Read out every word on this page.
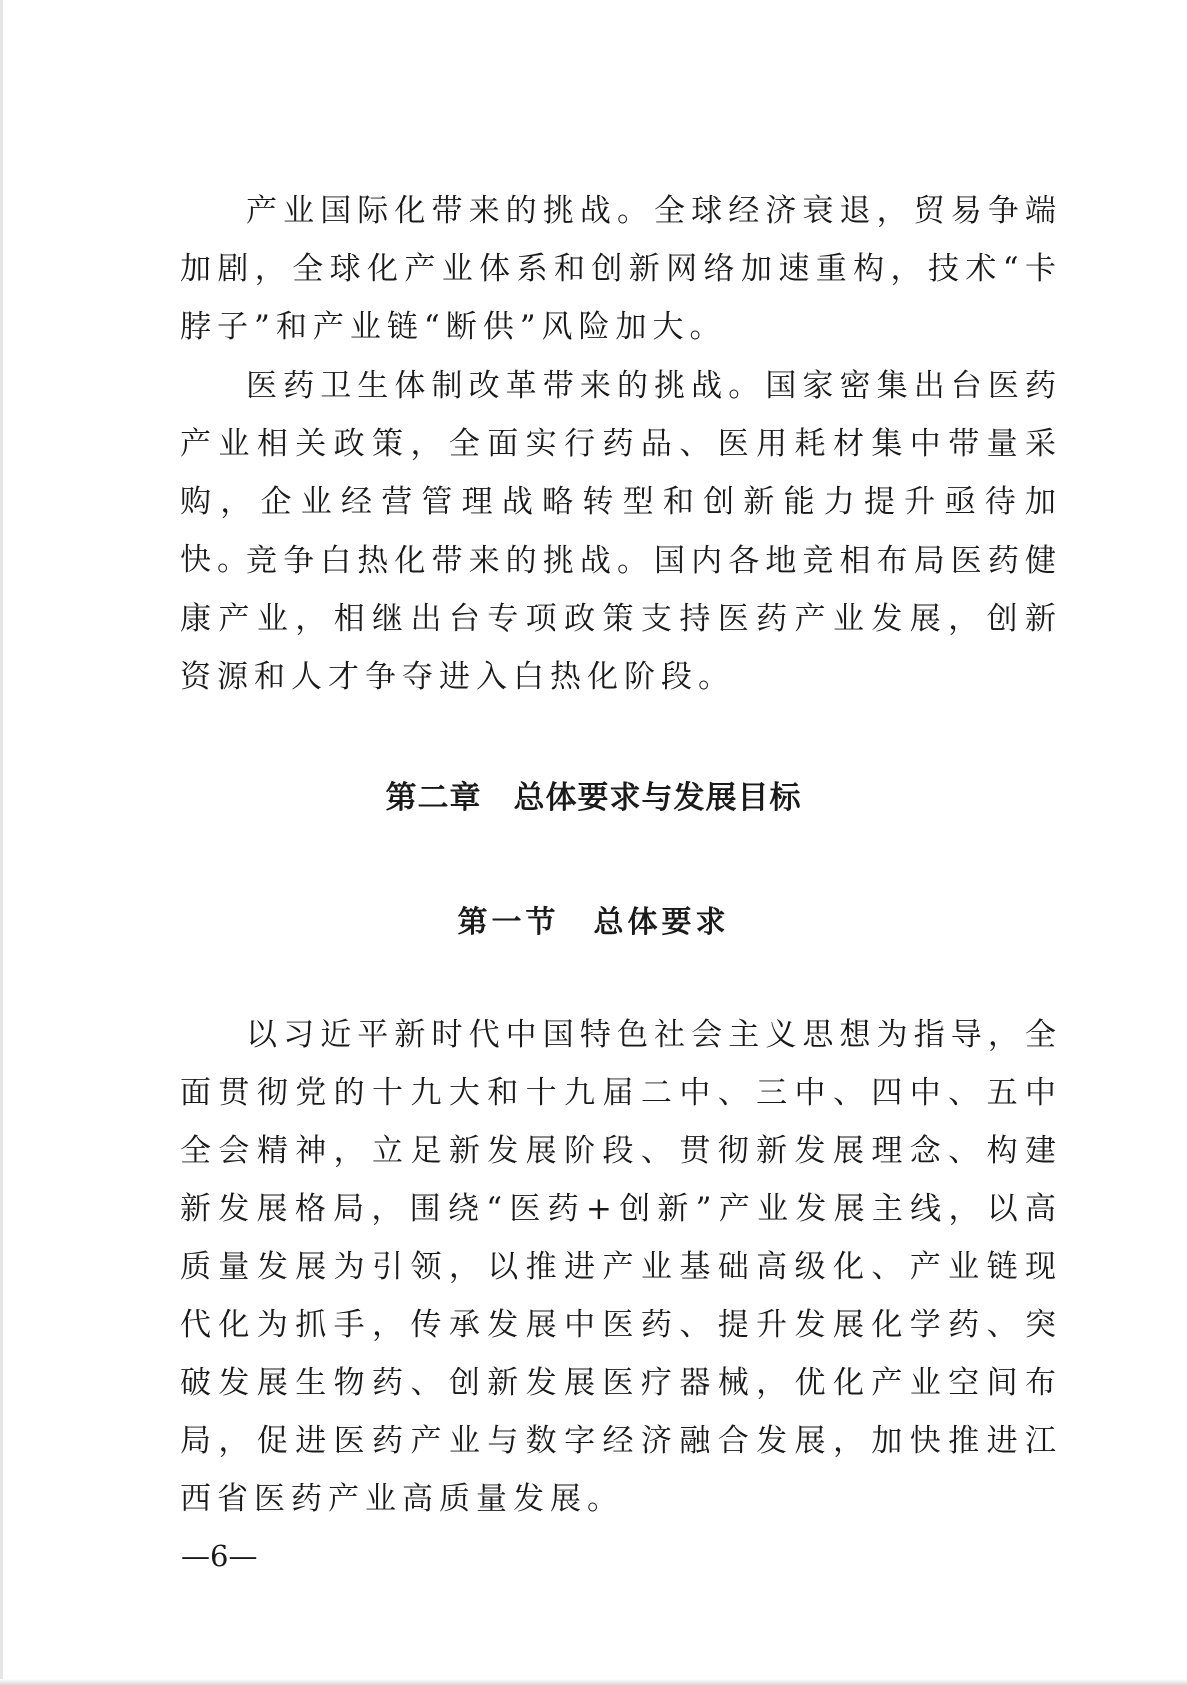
产业国际化带来的挑战。全球经济衰退，贸易争端加剧，全球化产业体系和创新网络加速重构，技术“卡脖子”和产业链“断供”风险加大。

医药卫生体制改革带来的挑战。国家密集出台医药产业相关政策，全面实行药品、医用耗材集中带量采购，企业经营管理战略转型和创新能力提升亟待加快。

竞争白热化带来的挑战。国内各地竞相布局医药健康产业，相继出台专项政策支持医药产业发展，创新资源和人才争夺进入白热化阶段。

第二章　总体要求与发展目标
第一节　总体要求

以习近平新时代中国特色社会主义思想为指导，全面贯彻党的十九大和十九届二中、三中、四中、五中全会精神，立足新发展阶段、贯彻新发展理念、构建新发展格局，围绕“医药+创新”产业发展主线，以高质量发展为引领，以推进产业基础高级化、产业链现代化为抓手，传承发展中医药、提升发展化学药、突破发展生物药、创新发展医疗器械，优化产业空间布局，促进医药产业与数字经济融合发展，加快推进江西省医药产业高质量发展。

—6—
